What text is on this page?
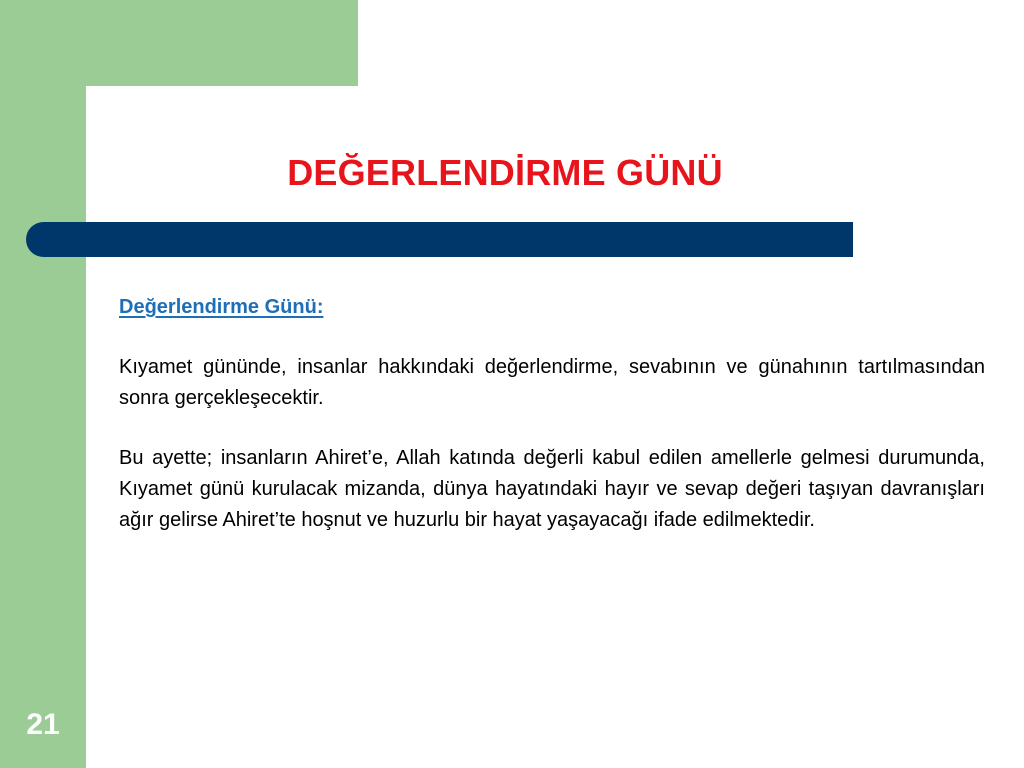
DEĞERLENDİRME GÜNÜ

Değerlendirme Günü:

Kıyamet gününde, insanlar hakkındaki değerlendirme, sevabının ve günahının tartılmasından sonra gerçekleşecektir.

Bu ayette; insanların Ahiret’e, Allah katında değerli kabul edilen amellerle gelmesi durumunda, Kıyamet günü kurulacak mizanda, dünya hayatındaki hayır ve sevap değeri taşıyan davranışları ağır gelirse Ahiret’te hoşnut ve huzurlu bir hayat yaşayacağı ifade edilmektedir.

21
